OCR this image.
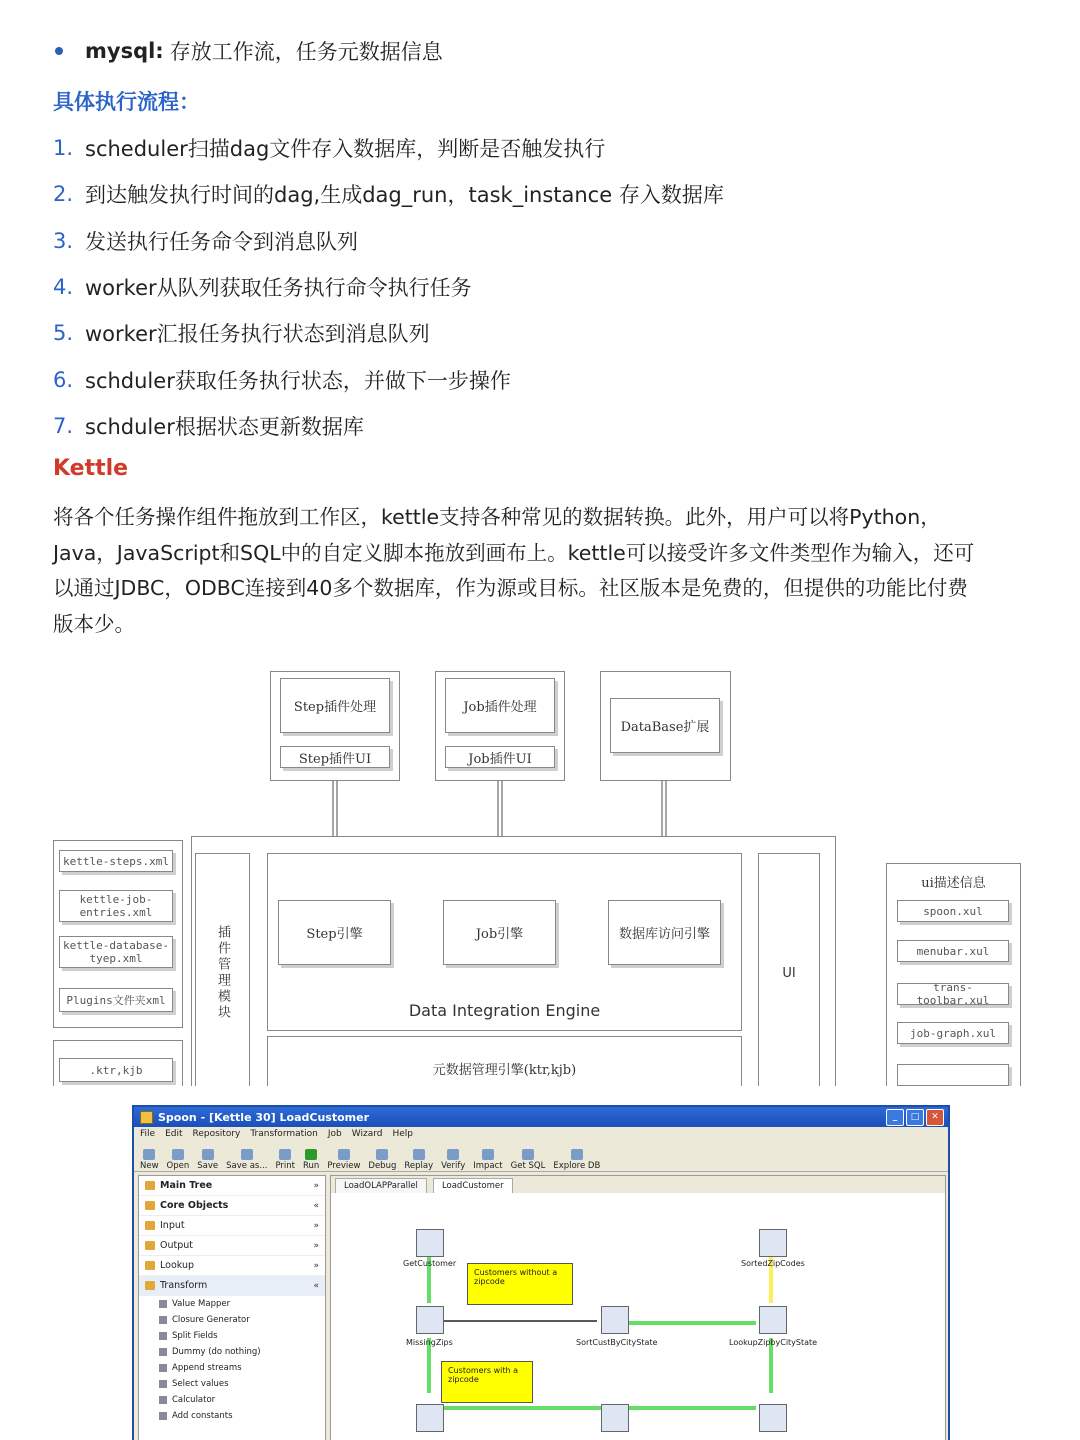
mysql: 存放工作流，任务元数据信息
具体执行流程：
1. scheduler扫描dag文件存入数据库，判断是否触发执行
2. 到达触发执行时间的dag,生成dag_run，task_instance 存入数据库
3. 发送执行任务命令到消息队列
4. worker从队列获取任务执行命令执行任务
5. worker汇报任务执行状态到消息队列
6. schduler获取任务执行状态，并做下一步操作
7. schduler根据状态更新数据库
Kettle
将各个任务操作组件拖放到工作区，kettle支持各种常见的数据转换。此外，用户可以将Python，
Java，JavaScript和SQL中的自定义脚本拖放到画布上。kettle可以接受许多文件类型作为输入，还可
以通过JDBC，ODBC连接到40多个数据库，作为源或目标。社区版本是免费的，但提供的功能比付费
版本少。
Step插件处理
Step插件UI
Job插件处理
Job插件UI
DataBase扩展
kettle-steps.xml
kettle-job-entries.xml
kettle-database-tyep.xml
Plugins文件夹xml
.ktr,kjb
插件管理模块	Data Integration Engine
Step引擎	Job引擎	数据库访问引擎
UI
元数据管理引擎(ktr,kjb)
ui描述信息
spoon.xul
menubar.xul
trans-toolbar.xul
job-graph.xul
Spoon - [Kettle 30] LoadCustomer	_	□	✕
File Edit Repository Transformation Job Wizard Help
New Open Save Save as... Print Run Preview Debug Replay Verify Impact Get SQL Explore DB
Main Tree	»
Core Objects	«
Input	»
Output	»
Lookup	»
Transform	«
Value Mapper
Closure Generator
Split Fields
Dummy (do nothing)
Append streams
Select values
Calculator
Add constants
LoadOLAPParallel	LoadCustomer
GetCustomer	SortedZipCodes
MissingZips	SortCustByCityState	LookupZipbyCityState
Customers without a zipcode
Customers with a zipcode
